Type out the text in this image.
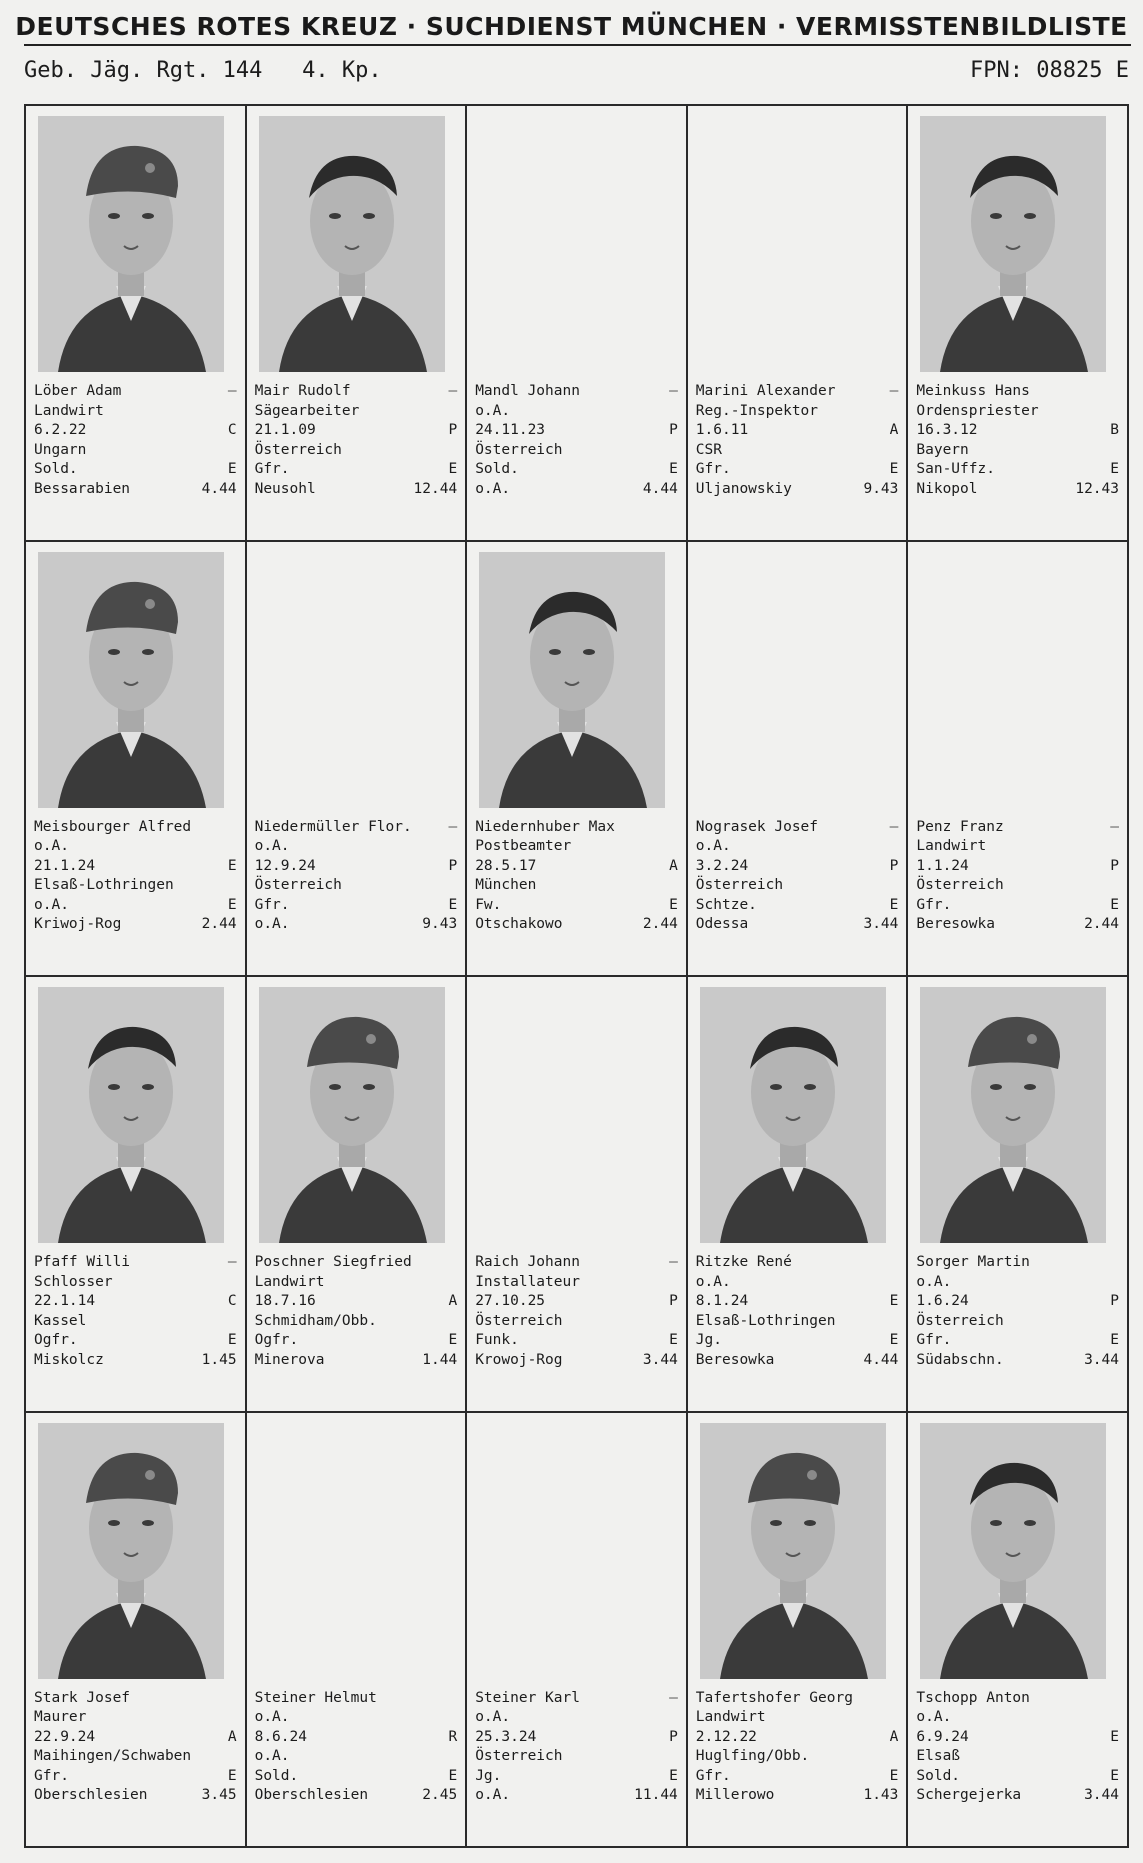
DEUTSCHES ROTES KREUZ · SUCHDIENST MÜNCHEN · VERMISSTENBILDLISTE
Geb. Jäg. Rgt. 144   4. Kp.	FPN: 08825 E
Löber Adam	–
Landwirt
6.2.22	C
Ungarn
Sold.	E
Bessarabien	4.44
Mair Rudolf	–
Sägearbeiter
21.1.09	P
Österreich
Gfr.	E
Neusohl	12.44
Mandl Johann	–
o.A.
24.11.23	P
Österreich
Sold.	E
o.A.	4.44
Marini Alexander	–
Reg.-Inspektor
1.6.11	A
CSR
Gfr.	E
Uljanowskiy	9.43
Meinkuss Hans
Ordenspriester
16.3.12	B
Bayern
San-Uffz.	E
Nikopol	12.43
Meisbourger Alfred
o.A.
21.1.24	E
Elsaß-Lothringen
o.A.	E
Kriwoj-Rog	2.44
Niedermüller Flor.	–
o.A.
12.9.24	P
Österreich
Gfr.	E
o.A.	9.43
Niedernhuber Max
Postbeamter
28.5.17	A
München
Fw.	E
Otschakowo	2.44
Nograsek Josef	–
o.A.
3.2.24	P
Österreich
Schtze.	E
Odessa	3.44
Penz Franz	–
Landwirt
1.1.24	P
Österreich
Gfr.	E
Beresowka	2.44
Pfaff Willi	–
Schlosser
22.1.14	C
Kassel
Ogfr.	E
Miskolcz	1.45
Poschner Siegfried
Landwirt
18.7.16	A
Schmidham/Obb.
Ogfr.	E
Minerova	1.44
Raich Johann	–
Installateur
27.10.25	P
Österreich
Funk.	E
Krowoj-Rog	3.44
Ritzke René
o.A.
8.1.24	E
Elsaß-Lothringen
Jg.	E
Beresowka	4.44
Sorger Martin
o.A.
1.6.24	P
Österreich
Gfr.	E
Südabschn.	3.44
Stark Josef
Maurer
22.9.24	A
Maihingen/Schwaben
Gfr.	E
Oberschlesien	3.45
Steiner Helmut
o.A.
8.6.24	R
o.A.
Sold.	E
Oberschlesien	2.45
Steiner Karl	–
o.A.
25.3.24	P
Österreich
Jg.	E
o.A.	11.44
Tafertshofer Georg
Landwirt
2.12.22	A
Huglfing/Obb.
Gfr.	E
Millerowo	1.43
Tschopp Anton
o.A.
6.9.24	E
Elsaß
Sold.	E
Schergejerka	3.44
